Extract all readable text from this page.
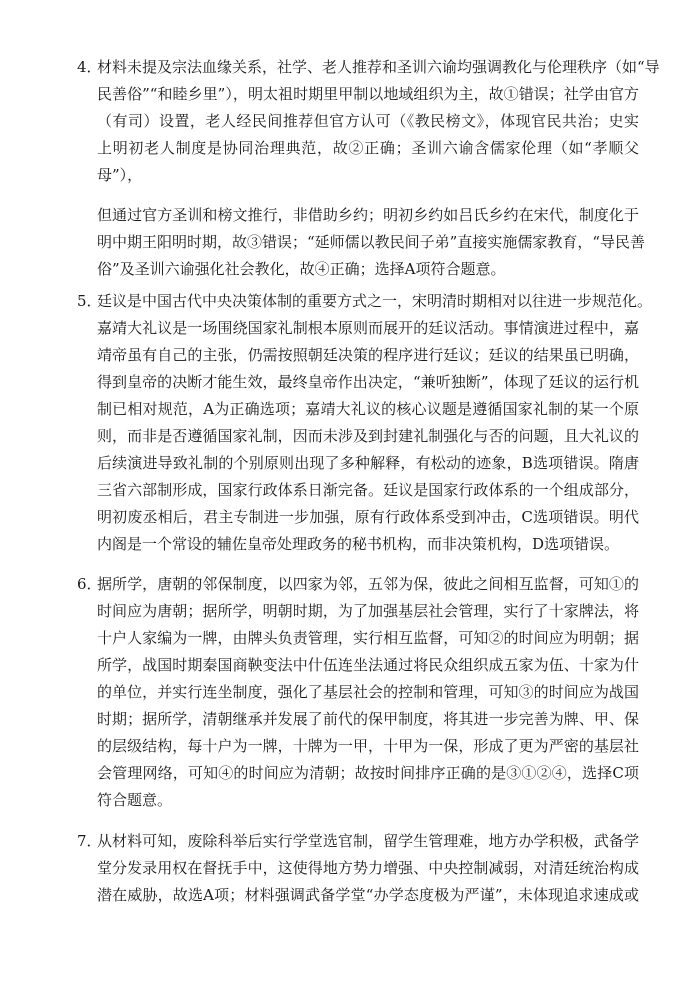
4．
材料未提及宗法血缘关系，社学、老人推荐和圣训六谕均强调教化与伦理秩序（如“导
民善俗”“和睦乡里”），明太祖时期里甲制以地域组织为主，故①错误；社学由官方
（有司）设置，老人经民间推荐但官方认可（《教民榜文》，体现官民共治；史实
上明初老人制度是协同治理典范，故②正确；圣训六谕含儒家伦理（如“孝顺父
母”），
但通过官方圣训和榜文推行，非借助乡约；明初乡约如吕氏乡约在宋代，制度化于
明中期王阳明时期，故③错误；“延师儒以教民间子弟”直接实施儒家教育，“导民善
俗”及圣训六谕强化社会教化，故④正确；选择A项符合题意。
5．
廷议是中国古代中央决策体制的重要方式之一，宋明清时期相对以往进一步规范化。
嘉靖大礼议是一场围绕国家礼制根本原则而展开的廷议活动。事情演进过程中，嘉
靖帝虽有自己的主张，仍需按照朝廷决策的程序进行廷议；廷议的结果虽已明确，
得到皇帝的决断才能生效，最终皇帝作出决定，“兼听独断”，体现了廷议的运行机
制已相对规范，A为正确选项；嘉靖大礼议的核心议题是遵循国家礼制的某一个原
则，而非是否遵循国家礼制，因而未涉及到封建礼制强化与否的问题，且大礼议的
后续演进导致礼制的个别原则出现了多种解释，有松动的迹象，B选项错误。隋唐
三省六部制形成，国家行政体系日渐完备。廷议是国家行政体系的一个组成部分，
明初废丞相后，君主专制进一步加强，原有行政体系受到冲击，C选项错误。明代
内阁是一个常设的辅佐皇帝处理政务的秘书机构，而非决策机构，D选项错误。
6．
据所学，唐朝的邻保制度，以四家为邻，五邻为保，彼此之间相互监督，可知①的
时间应为唐朝；据所学，明朝时期，为了加强基层社会管理，实行了十家牌法，将
十户人家编为一牌，由牌头负责管理，实行相互监督，可知②的时间应为明朝；据
所学，战国时期秦国商鞅变法中什伍连坐法通过将民众组织成五家为伍、十家为什
的单位，并实行连坐制度，强化了基层社会的控制和管理，可知③的时间应为战国
时期；据所学，清朝继承并发展了前代的保甲制度，将其进一步完善为牌、甲、保
的层级结构，每十户为一牌，十牌为一甲，十甲为一保，形成了更为严密的基层社
会管理网络，可知④的时间应为清朝；故按时间排序正确的是③①②④，选择C项
符合题意。
7．
从材料可知，废除科举后实行学堂选官制，留学生管理难，地方办学积极，武备学
堂分发录用权在督抚手中，这使得地方势力增强、中央控制减弱，对清廷统治构成
潜在威胁，故选A项；材料强调武备学堂“办学态度极为严谨”，未体现追求速成或
